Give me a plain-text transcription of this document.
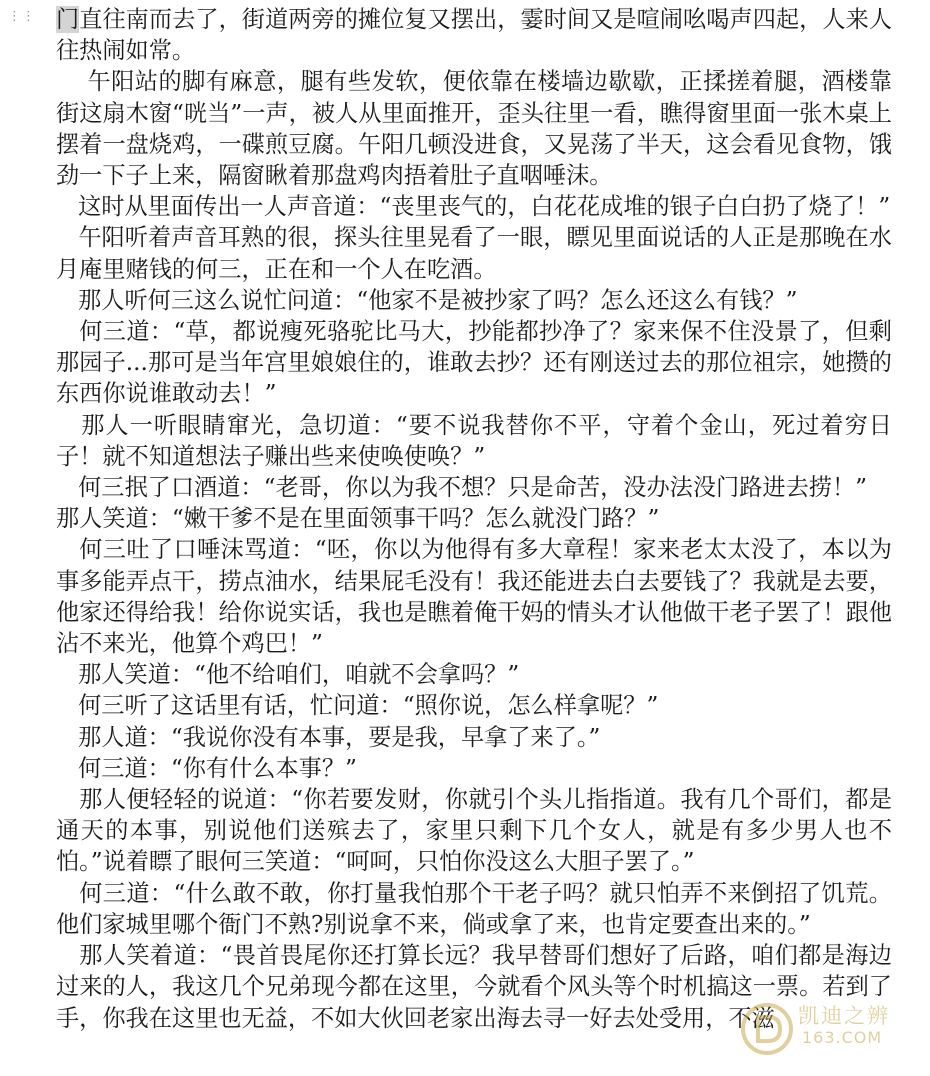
⋮⋮ 门直往南而去了，街道两旁的摊位复又摆出，霎时间又是喧闹吆喝声四起，人来人往热闹如常。

午阳站的脚有麻意，腿有些发软，便依靠在楼墙边歇歇，正揉搓着腿，酒楼靠街这扇木窗“咣当”一声，被人从里面推开，歪头往里一看，瞧得窗里面一张木桌上摆着一盘烧鸡，一碟煎豆腐。午阳几顿没进食，又晃荡了半天，这会看见食物，饿劲一下子上来，隔窗瞅着那盘鸡肉捂着肚子直咽唾沫。

这时从里面传出一人声音道：“丧里丧气的，白花花成堆的银子白白扔了烧了！”

午阳听着声音耳熟的很，探头往里晃看了一眼，瞟见里面说话的人正是那晚在水月庵里赌钱的何三，正在和一个人在吃酒。

那人听何三这么说忙问道：“他家不是被抄家了吗？怎么还这么有钱？”

何三道：“草，都说瘦死骆驼比马大，抄能都抄净了？家来保不住没景了，但剩那园子...那可是当年宫里娘娘住的，谁敢去抄？还有刚送过去的那位祖宗，她攒的东西你说谁敢动去！”

那人一听眼睛窜光，急切道：“要不说我替你不平，守着个金山，死过着穷日子！就不知道想法子赚出些来使唤使唤？”

何三抿了口酒道：“老哥，你以为我不想？只是命苦，没办法没门路进去捞！”

那人笑道：“嫩干爹不是在里面领事干吗？怎么就没门路？”

何三吐了口唾沫骂道：“呸，你以为他得有多大章程！家来老太太没了，本以为事多能弄点干，捞点油水，结果屁毛没有！我还能进去白去要钱了？我就是去要，他家还得给我！给你说实话，我也是瞧着俺干妈的情头才认他做干老子罢了！跟他沾不来光，他算个鸡巴！”

那人笑道：“他不给咱们，咱就不会拿吗？”

何三听了这话里有话，忙问道：“照你说，怎么样拿呢？”

那人道：“我说你没有本事，要是我，早拿了来了。”

何三道：“你有什么本事？”

那人便轻轻的说道：“你若要发财，你就引个头儿指指道。我有几个哥们，都是通天的本事，别说他们送殡去了，家里只剩下几个女人，就是有多少男人也不怕。”说着瞟了眼何三笑道：“呵呵，只怕你没这么大胆子罢了。”

何三道：“什么敢不敢，你打量我怕那个干老子吗？就只怕弄不来倒招了饥荒。他们家城里哪个衙门不熟?别说拿不来，倘或拿了来，也肯定要查出来的。”

那人笑着道：“畏首畏尾你还打算长远？我早替哥们想好了后路，咱们都是海边过来的人，我这几个兄弟现今都在这里，今就看个风头等个时机搞这一票。若到了手，你我在这里也无益，不如大伙回老家出海去寻一好去处受用，不滋	凯迪之辨
163.COM
